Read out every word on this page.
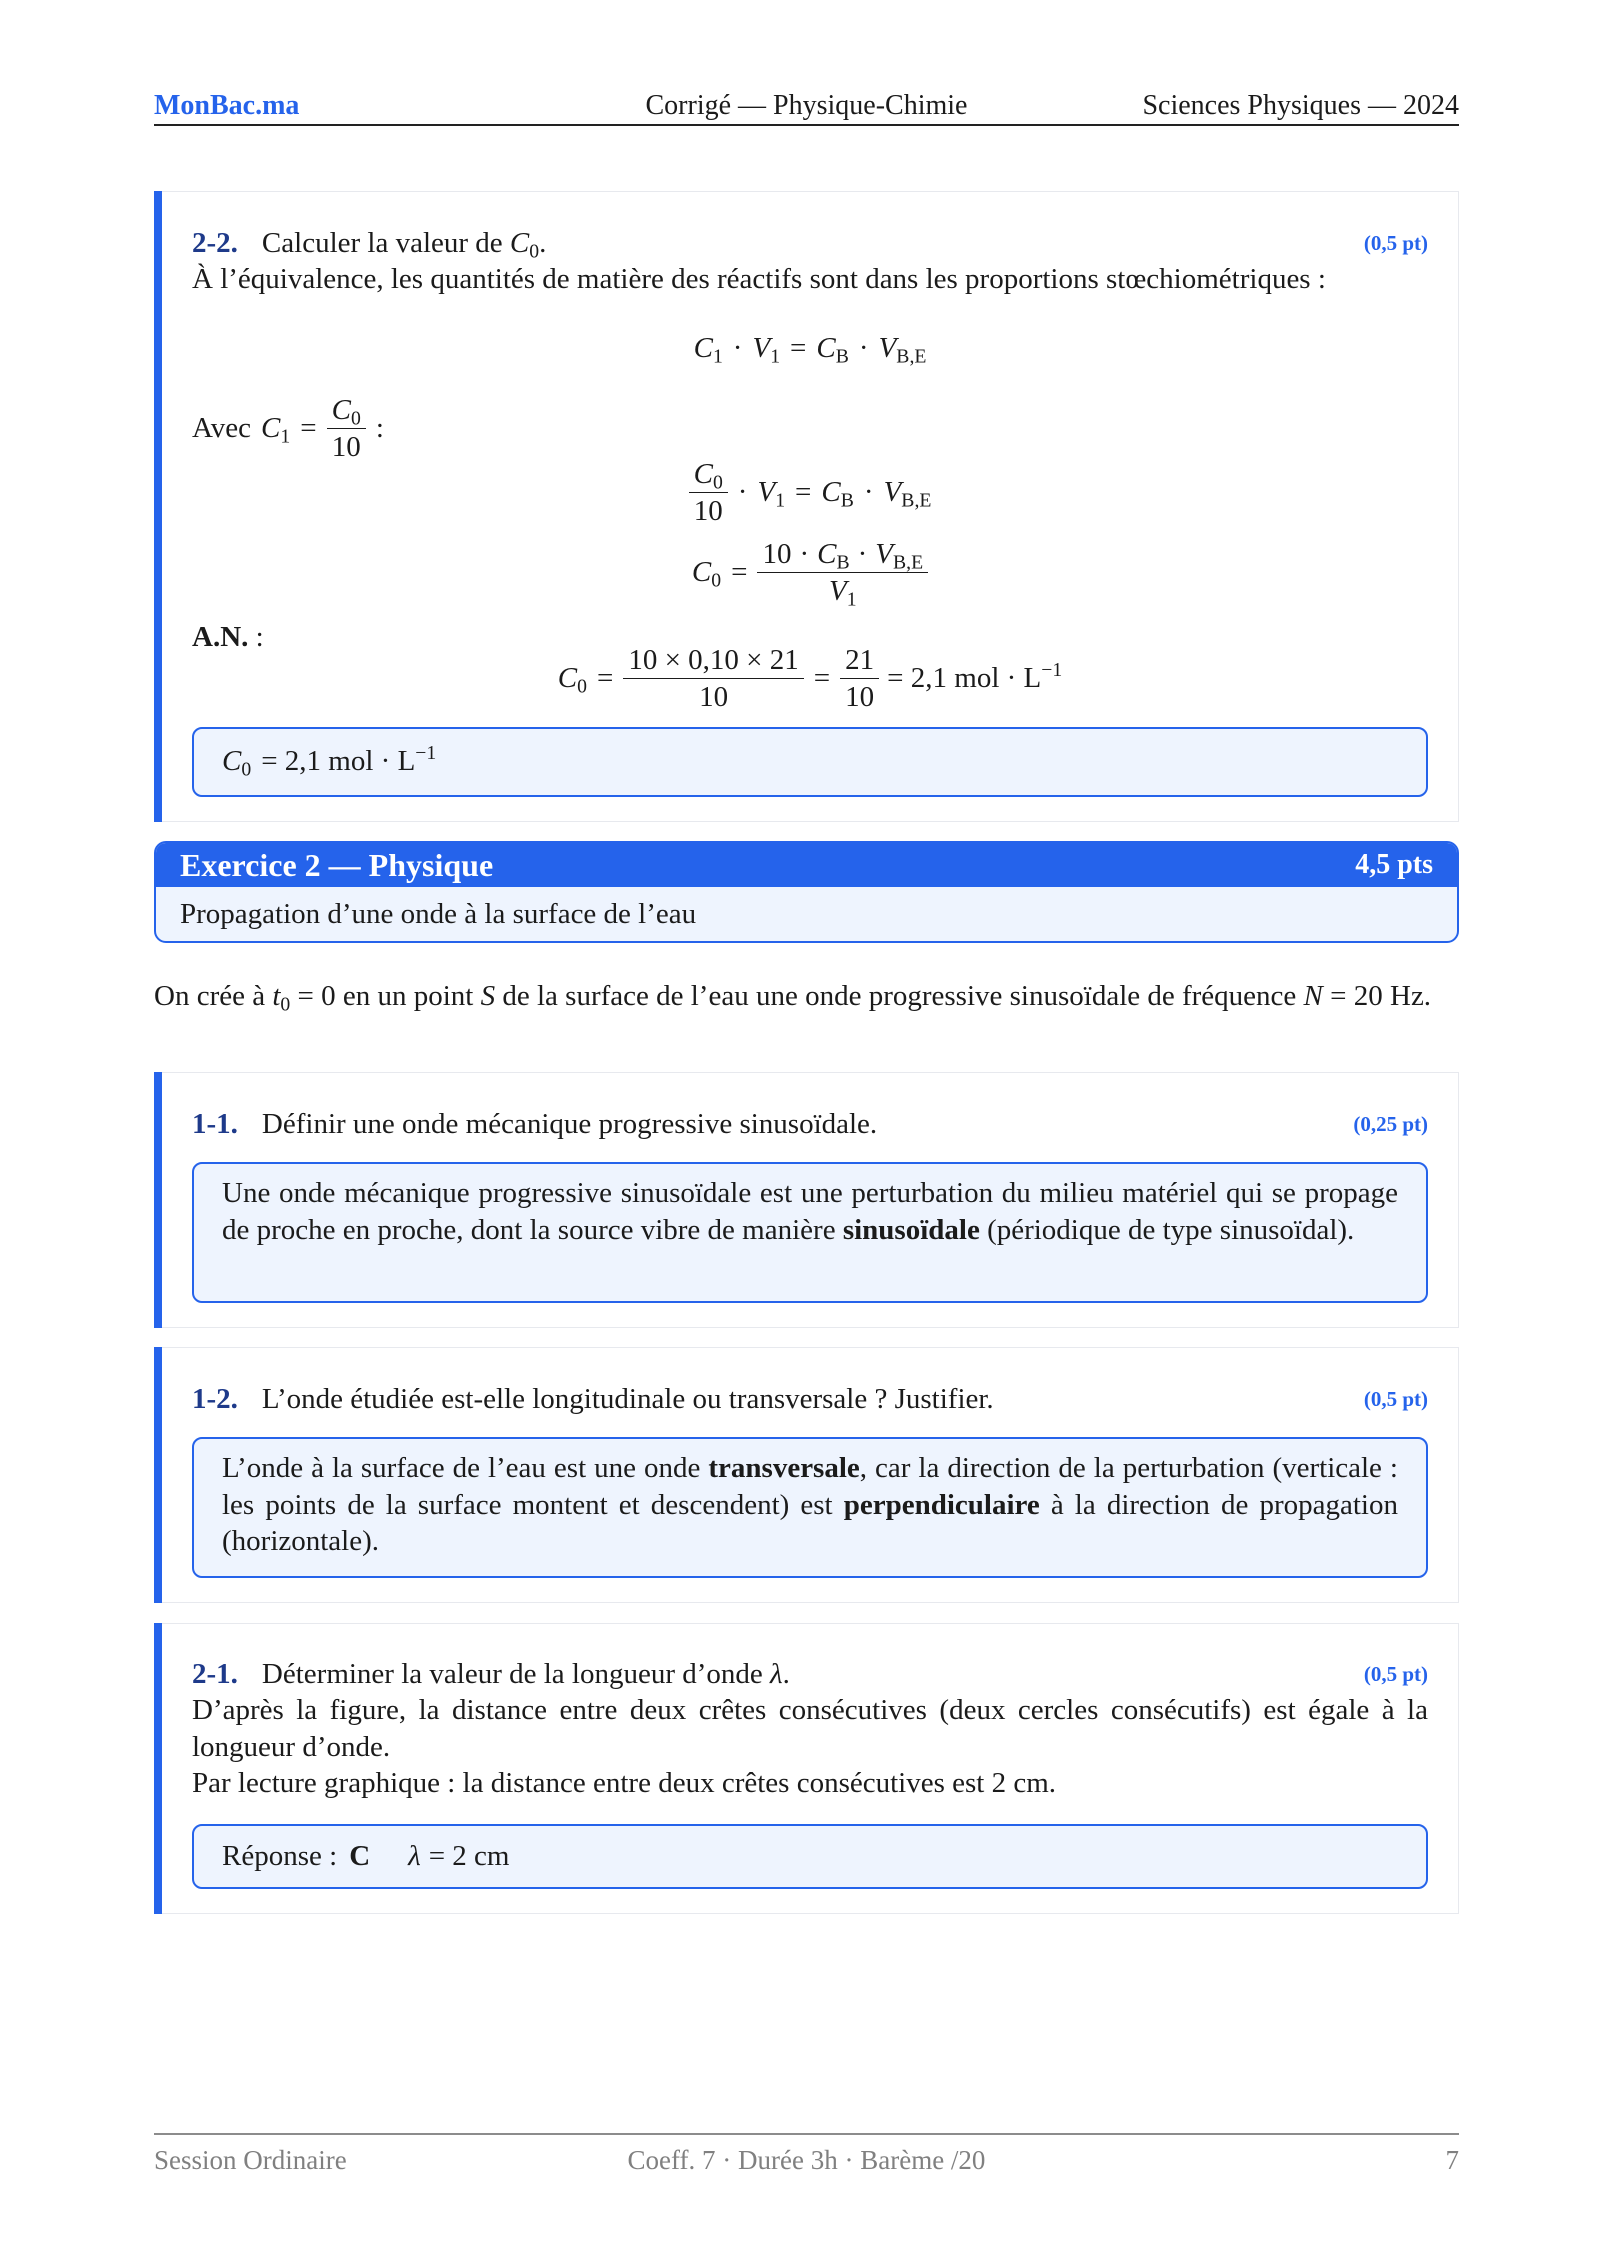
MonBac.ma	Corrigé — Physique-Chimie	Sciences Physiques — 2024
2-2. Calculer la valeur de $C_0$.	(0,5 pt)
À l’équivalence, les quantités de matière des réactifs sont dans les proportions stœchiométriques :
$C_1 \cdot V_1 = C_B \cdot V_{B,E}$
Avec $C_1 = \frac{C_0}{10}$ :
$\frac{C_0}{10} \cdot V_1 = C_B \cdot V_{B,E}$
$C_0 = \frac{10 \cdot C_B \cdot V_{B,E}}{V_1}$
A.N. :
$C_0 = \frac{10 \times 0,10 \times 21}{10} = \frac{21}{10} = 2,1$ mol · $L^{-1}$
$C_0 = 2,1$ mol · $L^{-1}$
Exercice 2 — Physique	4,5 pts
Propagation d’une onde à la surface de l’eau
On crée à $t_0 = 0$ en un point S de la surface de l’eau une onde progressive sinusoïdale de fréquence N = 20 Hz.
1-1. Définir une onde mécanique progressive sinusoïdale.	(0,25 pt)
Une onde mécanique progressive sinusoïdale est une perturbation du milieu matériel qui se propage de proche en proche, dont la source vibre de manière sinusoïdale (périodique de type sinusoïdal).
1-2. L’onde étudiée est-elle longitudinale ou transversale ? Justifier.	(0,5 pt)
L’onde à la surface de l’eau est une onde transversale, car la direction de la perturbation (verticale : les points de la surface montent et descendent) est perpendiculaire à la direction de propagation (horizontale).
2-1. Déterminer la valeur de la longueur d’onde λ.	(0,5 pt)

D’après la figure, la distance entre deux crêtes consécutives (deux cercles consécutifs) est égale à la longueur d’onde.

Par lecture graphique : la distance entre deux crêtes consécutives est 2 cm.

Réponse : C λ = 2 cm
Session Ordinaire	Coeff. 7 · Durée 3h · Barème /20	7
